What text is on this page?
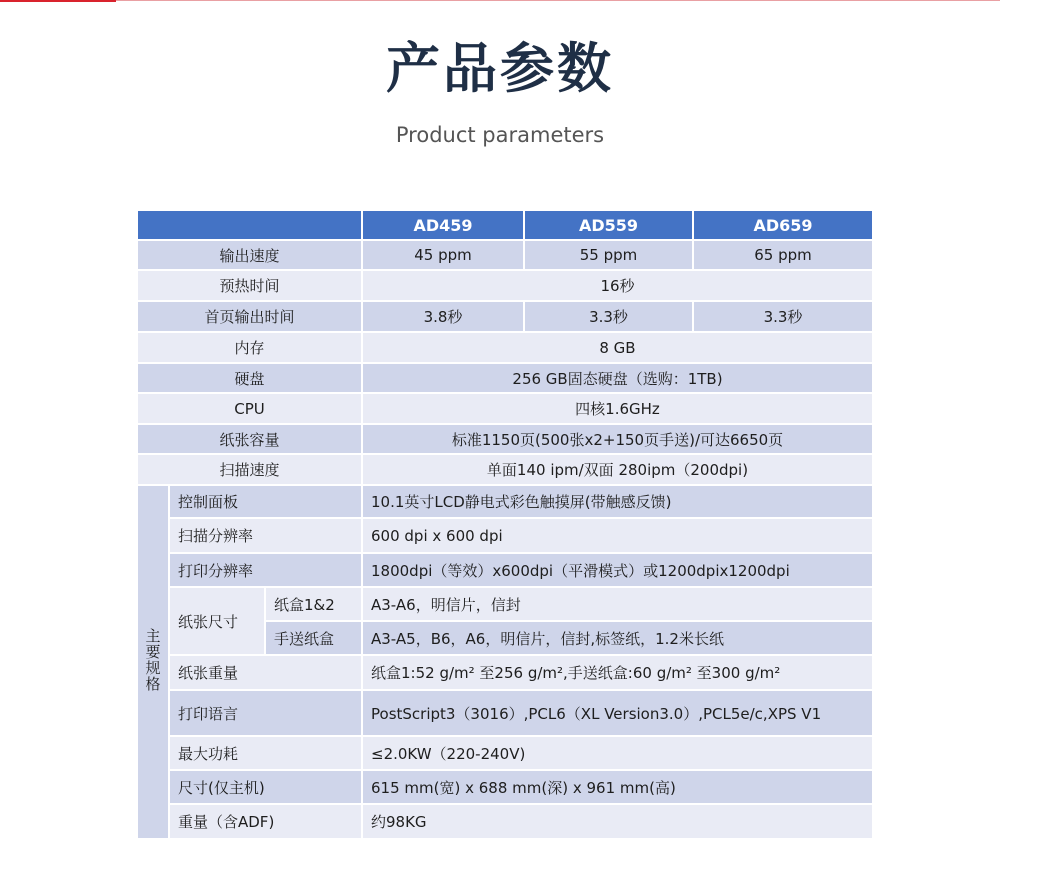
产品参数
Product parameters
			AD459	AD559	AD659
输出速度			45 ppm	55 ppm	65 ppm
预热时间			16秒		
首页输出时间			3.8秒	3.3秒	3.3秒
内存			8 GB		
硬盘			256 GB固态硬盘（选购：1TB)		
CPU			四核1.6GHz		
纸张容量			标准1150页(500张x2+150页手送)/可达6650页		
扫描速度			单面140 ipm/双面 280ipm（200dpi)		
主要规格	控制面板		10.1英寸LCD静电式彩色触摸屏(带触感反馈)		
	扫描分辨率		600 dpi x 600 dpi		
	打印分辨率		1800dpi（等效）x600dpi（平滑模式）或1200dpix1200dpi		
	纸张尺寸	纸盒1&2	A3-A6，明信片，信封		
		手送纸盒	A3-A5，B6，A6，明信片，信封,标签纸，1.2米长纸		
	纸张重量		纸盒1:52 g/m² 至256 g/m²,手送纸盒:60 g/m² 至300 g/m²		
	打印语言		PostScript3（3016）,PCL6（XL Version3.0）,PCL5e/c,XPS V1		
	最大功耗		≤2.0KW（220-240V)		
	尺寸(仅主机)		615 mm(宽) x 688 mm(深) x 961 mm(高)		
	重量（含ADF)		约98KG		
